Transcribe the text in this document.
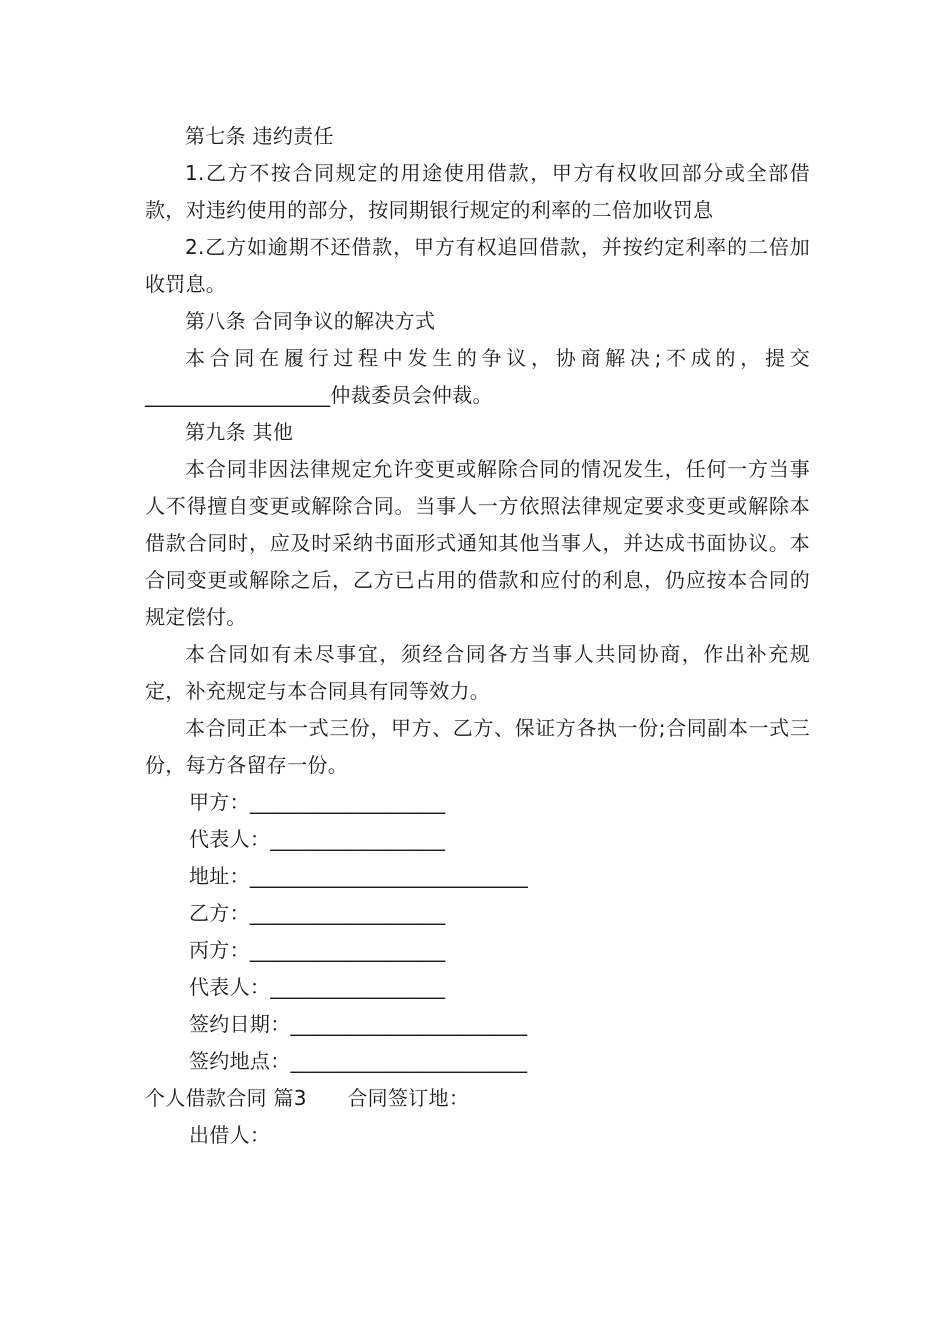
第七条 违约责任

1.乙方不按合同规定的用途使用借款，甲方有权收回部分或全部借款，对违约使用的部分，按同期银行规定的利率的二倍加收罚息

2.乙方如逾期不还借款，甲方有权追回借款，并按约定利率的二倍加收罚息。

第八条 合同争议的解决方式

本合同在履行过程中发生的争议，协商解决;不成的，提交__________________仲裁委员会仲裁。

第九条 其他

本合同非因法律规定允许变更或解除合同的情况发生，任何一方当事人不得擅自变更或解除合同。当事人一方依照法律规定要求变更或解除本借款合同时，应及时采纳书面形式通知其他当事人，并达成书面协议。本合同变更或解除之后，乙方已占用的借款和应付的利息，仍应按本合同的规定偿付。

本合同如有未尽事宜，须经合同各方当事人共同协商，作出补充规定，补充规定与本合同具有同等效力。

本合同正本一式三份，甲方、乙方、保证方各执一份;合同副本一式三份，每方各留存一份。

甲方：___________________

代表人：_________________

地址：___________________________

乙方：___________________

丙方：___________________

代表人：_________________

签约日期：_______________________

签约地点：_______________________

个人借款合同 篇3　　合同签订地：

出借人：
